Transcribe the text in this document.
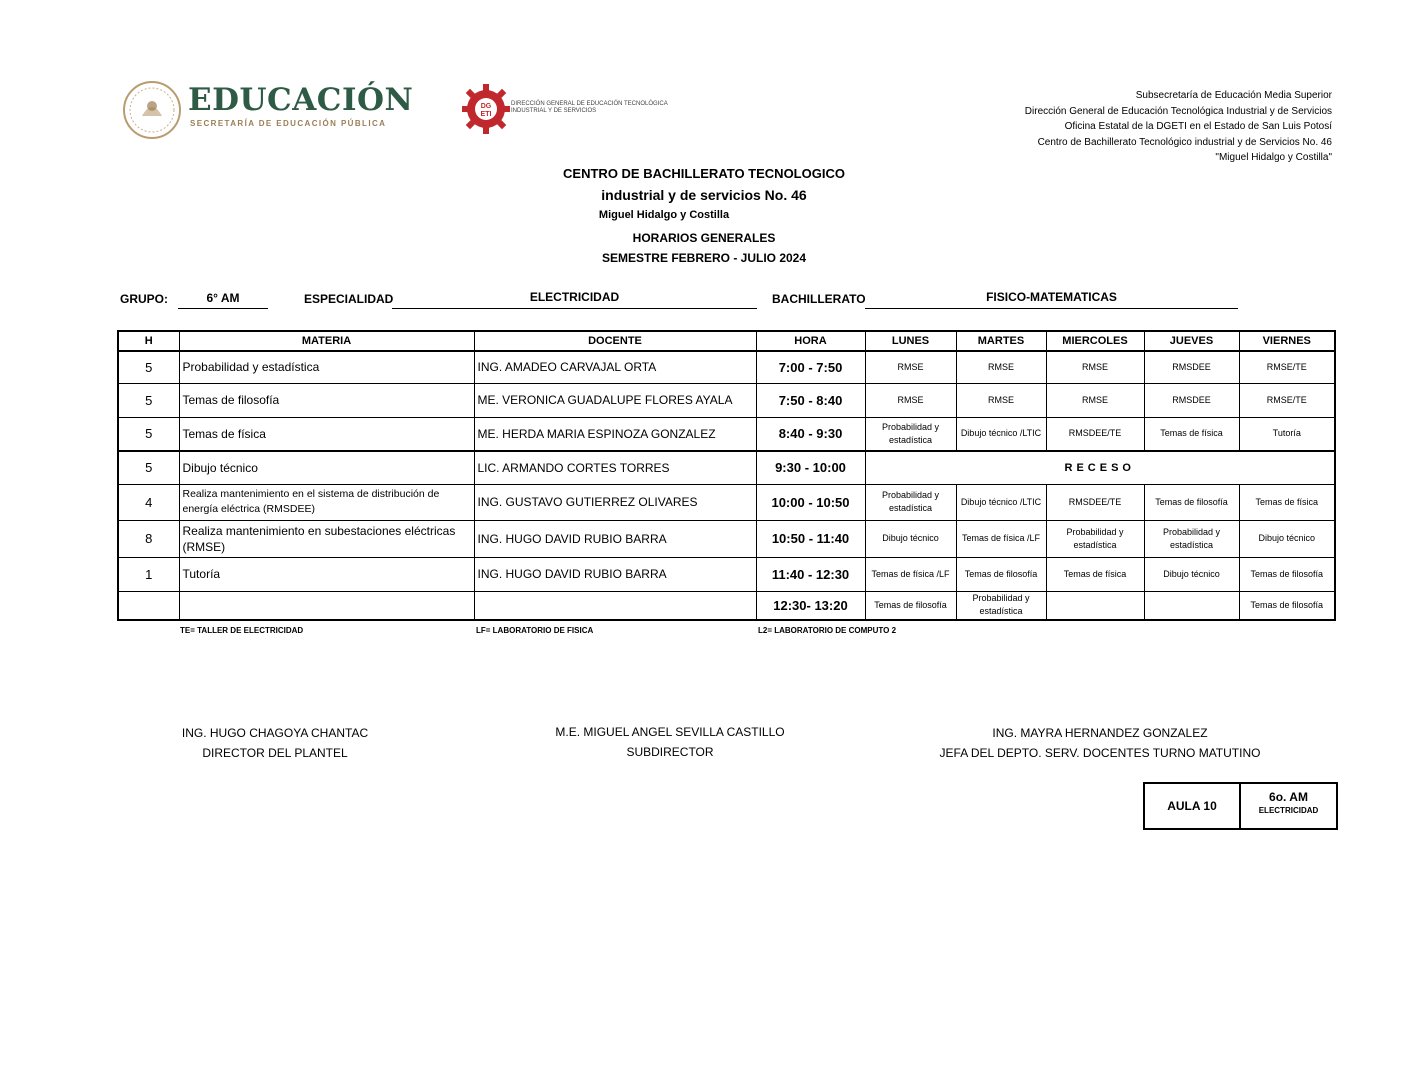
EDUCACIÓN
SECRETARÍA DE EDUCACIÓN PÚBLICA
DG
ETI
DIRECCIÓN GENERAL DE EDUCACIÓN TECNOLÓGICA INDUSTRIAL Y DE SERVICIOS
Subsecretaría de Educación Media Superior
Dirección General de Educación Tecnológica Industrial y de Servicios
Oficina Estatal de la DGETI en el Estado de San Luis Potosí
Centro de Bachillerato Tecnológico industrial y de Servicios No. 46
"Miguel Hidalgo y Costilla"
CENTRO DE BACHILLERATO TECNOLOGICO
industrial y de servicios No. 46
Miguel Hidalgo y Costilla
HORARIOS GENERALES
SEMESTRE FEBRERO - JULIO 2024
GRUPO:	6° AM	ESPECIALIDAD	ELECTRICIDAD	BACHILLERATO	FISICO-MATEMATICAS
H	MATERIA	DOCENTE	HORA	LUNES	MARTES	MIERCOLES	JUEVES	VIERNES
5	Probabilidad y estadística	ING. AMADEO CARVAJAL ORTA	7:00 - 7:50	RMSE	RMSE	RMSE	RMSDEE	RMSE/TE
5	Temas de filosofía	ME. VERONICA GUADALUPE FLORES AYALA	7:50 - 8:40	RMSE	RMSE	RMSE	RMSDEE	RMSE/TE
5	Temas de física	ME. HERDA MARIA ESPINOZA GONZALEZ	8:40 - 9:30	Probabilidad y estadística	Dibujo técnico /LTIC	RMSDEE/TE	Temas de física	Tutoría
5	Dibujo técnico	LIC. ARMANDO CORTES TORRES	9:30 - 10:00	RECESO				
4	Realiza mantenimiento en el sistema de distribución de energía eléctrica (RMSDEE)	ING. GUSTAVO GUTIERREZ OLIVARES	10:00 - 10:50	Probabilidad y estadística	Dibujo técnico /LTIC	RMSDEE/TE	Temas de filosofía	Temas de física
8	Realiza mantenimiento en subestaciones eléctricas (RMSE)	ING. HUGO DAVID RUBIO BARRA	10:50 - 11:40	Dibujo técnico	Temas de física /LF	Probabilidad y estadística	Probabilidad y estadística	Dibujo técnico
1	Tutoría	ING. HUGO DAVID RUBIO BARRA	11:40 - 12:30	Temas de física /LF	Temas de filosofía	Temas de física	Dibujo técnico	Temas de filosofía
			12:30- 13:20	Temas de filosofía	Probabilidad y estadística			Temas de filosofía
TE= TALLER DE ELECTRICIDAD	LF= LABORATORIO DE FISICA	L2= LABORATORIO DE COMPUTO 2
ING. HUGO CHAGOYA CHANTAC
DIRECTOR DEL PLANTEL
M.E. MIGUEL ANGEL SEVILLA CASTILLO
SUBDIRECTOR
ING. MAYRA HERNANDEZ GONZALEZ
JEFA DEL DEPTO. SERV. DOCENTES TURNO MATUTINO
AULA 10
6o. AM
ELECTRICIDAD
